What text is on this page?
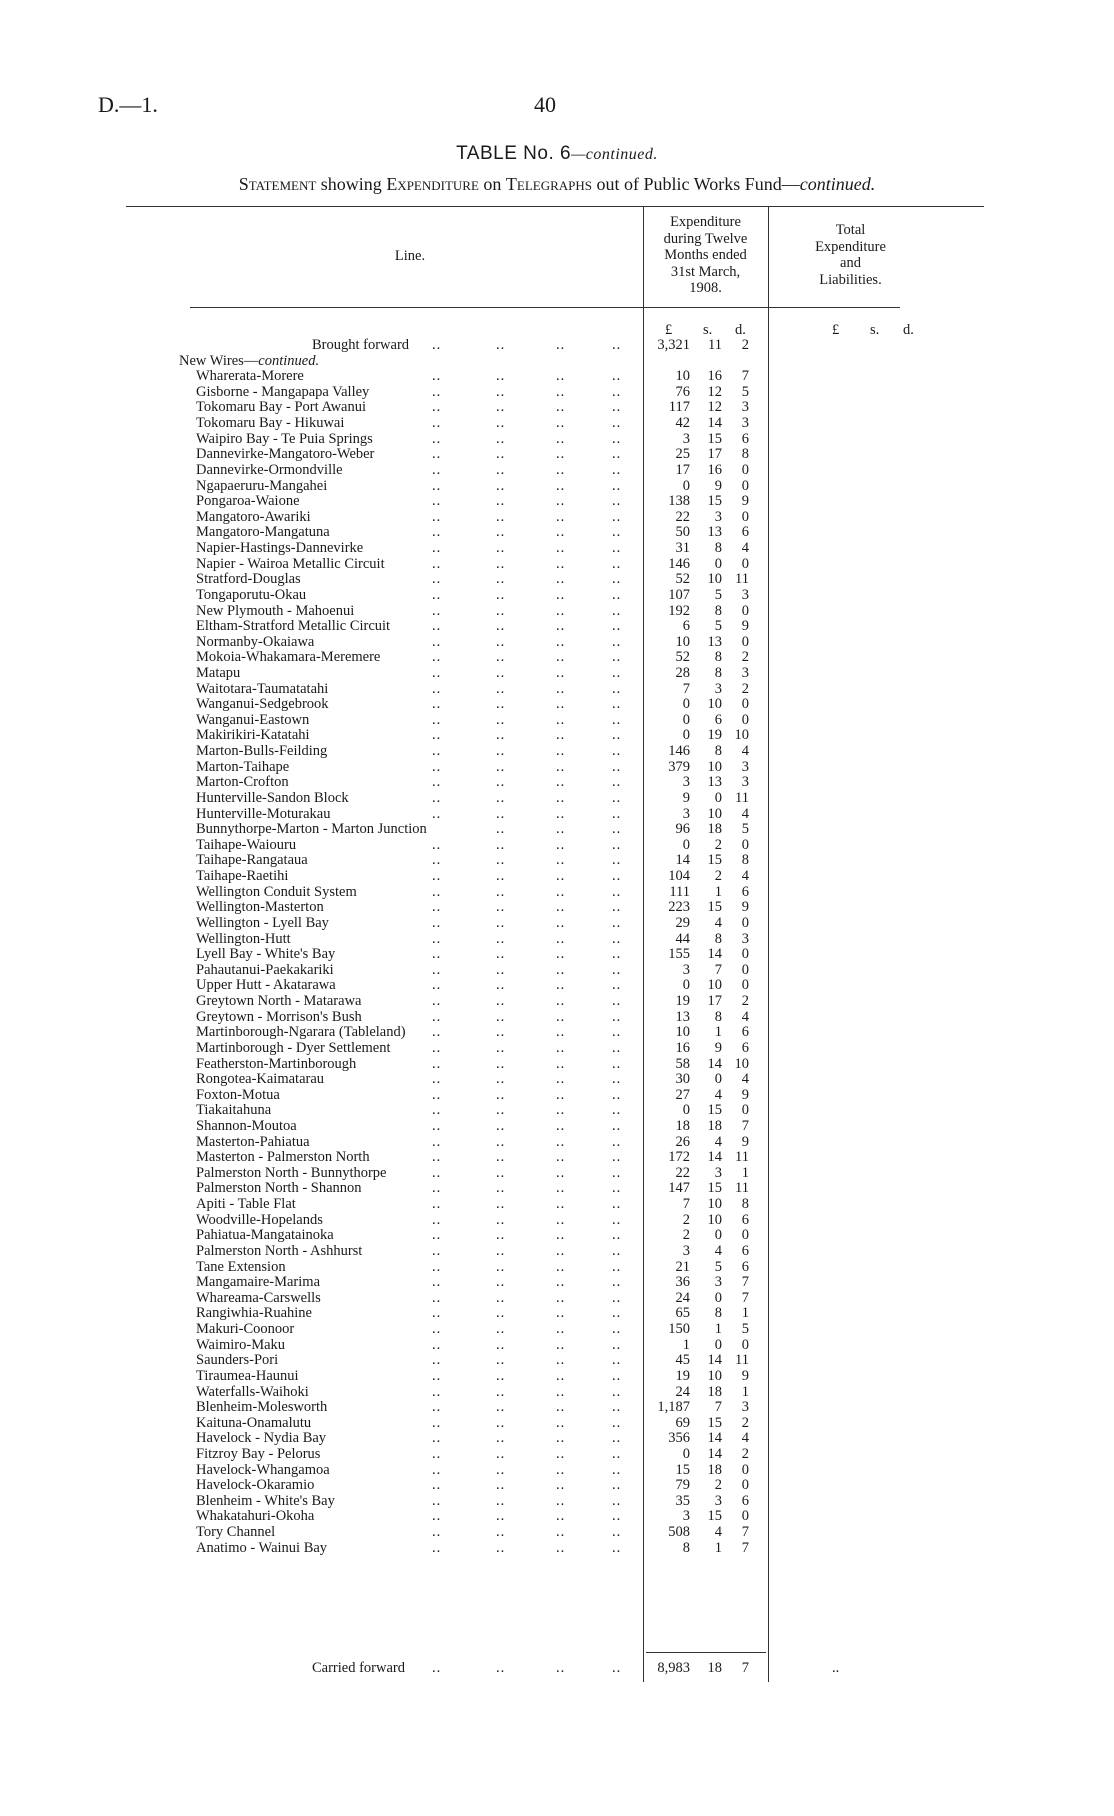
D.—1.	40
TABLE No. 6—continued.
Statement showing Expenditure on Telegraphs out of Public Works Fund—continued.
Line.
Expenditure
during Twelve
Months ended
31st March,
1908.
Total
Expenditure
and
Liabilities.
£ s. d.	£ s. d.
Brought forward ..	..	..	..	3,321	11	2
New Wires—continued.
Wharerata-Morere	..	..	..	..	10	16	7
Gisborne - Mangapapa Valley	..	..	..	..	76	12	5
Tokomaru Bay - Port Awanui	..	..	..	..	117	12	3
Tokomaru Bay - Hikuwai	..	..	..	..	42	14	3
Waipiro Bay - Te Puia Springs	..	..	..	..	3	15	6
Dannevirke-Mangatoro-Weber	..	..	..	..	25	17	8
Dannevirke-Ormondville	..	..	..	..	17	16	0
Ngapaeruru-Mangahei	..	..	..	..	0	9	0
Pongaroa-Waione	..	..	..	..	138	15	9
Mangatoro-Awariki	..	..	..	..	22	3	0
Mangatoro-Mangatuna	..	..	..	..	50	13	6
Napier-Hastings-Dannevirke	..	..	..	..	31	8	4
Napier - Wairoa Metallic Circuit	..	..	..	..	146	0	0
Stratford-Douglas	..	..	..	..	52	10 11
Tongaporutu-Okau	..	..	..	..	107	5	3
New Plymouth - Mahoenui	..	..	..	..	192	8	0
Eltham-Stratford Metallic Circuit	..	..	..	..	6	5	9
Normanby-Okaiawa	..	..	..	..	10	13	0
Mokoia-Whakamara-Meremere	..	..	..	..	52	8	2
Matapu	..	..	..	..	28	8	3
Waitotara-Taumatatahi	..	..	..	..	7	3	2
Wanganui-Sedgebrook	..	..	..	..	0	10	0
Wanganui-Eastown	..	..	..	..	0	6	0
Makirikiri-Katatahi	..	..	..	..	0	19 10
Marton-Bulls-Feilding	..	..	..	..	146	8	4
Marton-Taihape	..	..	..	..	379	10	3
Marton-Crofton	..	..	..	..	3	13	3
Hunterville-Sandon Block	..	..	..	..	9	0 11
Hunterville-Moturakau	..	..	..	..	3	10	4
Bunnythorpe-Marton - Marton Junction	..	..	..	96	18	5
Taihape-Waiouru	..	..	..	..	0	2	0
Taihape-Rangataua	..	..	..	..	14	15	8
Taihape-Raetihi	..	..	..	..	104	2	4
Wellington Conduit System	..	..	..	..	111	1	6
Wellington-Masterton	..	..	..	..	223	15	9
Wellington - Lyell Bay	..	..	..	..	29	4	0
Wellington-Hutt	..	..	..	..	44	8	3
Lyell Bay - White's Bay	..	..	..	..	155	14	0
Pahautanui-Paekakariki	..	..	..	..	3	7	0
Upper Hutt - Akatarawa	..	..	..	..	0	10	0
Greytown North - Matarawa	..	..	..	..	19	17	2
Greytown - Morrison's Bush	..	..	..	..	13	8	4
Martinborough-Ngarara (Tableland) ..	..	..	..	10	1	6
Martinborough - Dyer Settlement	..	..	..	..	16	9	6
Featherston-Martinborough	..	..	..	..	58	14 10
Rongotea-Kaimatarau	..	..	..	..	30	0	4
Foxton-Motua	..	..	..	..	27	4	9
Tiakaitahuna	..	..	..	..	0	15	0
Shannon-Moutoa	..	..	..	..	18	18	7
Masterton-Pahiatua	..	..	..	..	26	4	9
Masterton - Palmerston North	..	..	..	..	172	14 11
Palmerston North - Bunnythorpe	..	..	..	..	22	3	1
Palmerston North - Shannon	..	..	..	..	147	15 11
Apiti - Table Flat	..	..	..	..	7	10	8
Woodville-Hopelands	..	..	..	..	2	10	6
Pahiatua-Mangatainoka	..	..	..	..	2	0	0
Palmerston North - Ashhurst	..	..	..	..	3	4	6
Tane Extension	..	..	..	..	21	5	6
Mangamaire-Marima	..	..	..	..	36	3	7
Whareama-Carswells	..	..	..	..	24	0	7
Rangiwhia-Ruahine	..	..	..	..	65	8	1
Makuri-Coonoor	..	..	..	..	150	1	5
Waimiro-Maku	..	..	..	..	1	0	0
Saunders-Pori	..	..	..	..	45	14 11
Tiraumea-Haunui	..	..	..	..	19	10	9
Waterfalls-Waihoki	..	..	..	..	24	18	1
Blenheim-Molesworth	..	..	..	..	1,187	7	3
Kaituna-Onamalutu	..	..	..	..	69	15	2
Havelock - Nydia Bay	..	..	..	..	356	14	4
Fitzroy Bay - Pelorus	..	..	..	..	0	14	2
Havelock-Whangamoa	..	..	..	..	15	18	0
Havelock-Okaramio	..	..	..	..	79	2	0
Blenheim - White's Bay	..	..	..	..	35	3	6
Whakatahuri-Okoha	..	..	..	..	3	15	0
Tory Channel	..	..	..	..	508	4	7
Anatimo - Wainui Bay	..	..	..	..	8	1	7
Carried forward ..	..	..	..	8,983	18	7	..
